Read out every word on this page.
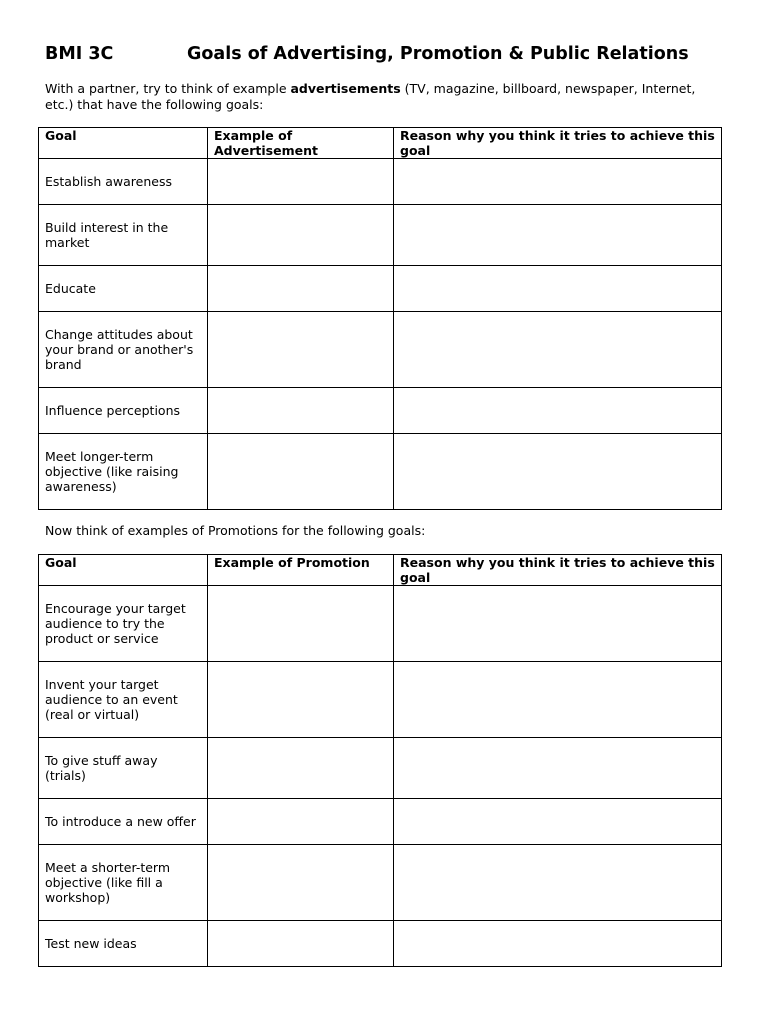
BMI 3C	Goals of Advertising, Promotion & Public Relations
With a partner, try to think of example advertisements (TV, magazine, billboard, newspaper, Internet, etc.) that have the following goals:
Goal	Example of Advertisement	Reason why you think it tries to achieve this goal
Establish awareness		
Build interest in the market		
Educate		
Change attitudes about your brand or another's brand		
Influence perceptions		
Meet longer-term objective (like raising awareness)		
Now think of examples of Promotions for the following goals:
Goal	Example of Promotion	Reason why you think it tries to achieve this goal
Encourage your target audience to try the product or service		
Invent your target audience to an event (real or virtual)		
To give stuff away (trials)		
To introduce a new offer		
Meet a shorter-term objective (like fill a workshop)		
Test new ideas		
